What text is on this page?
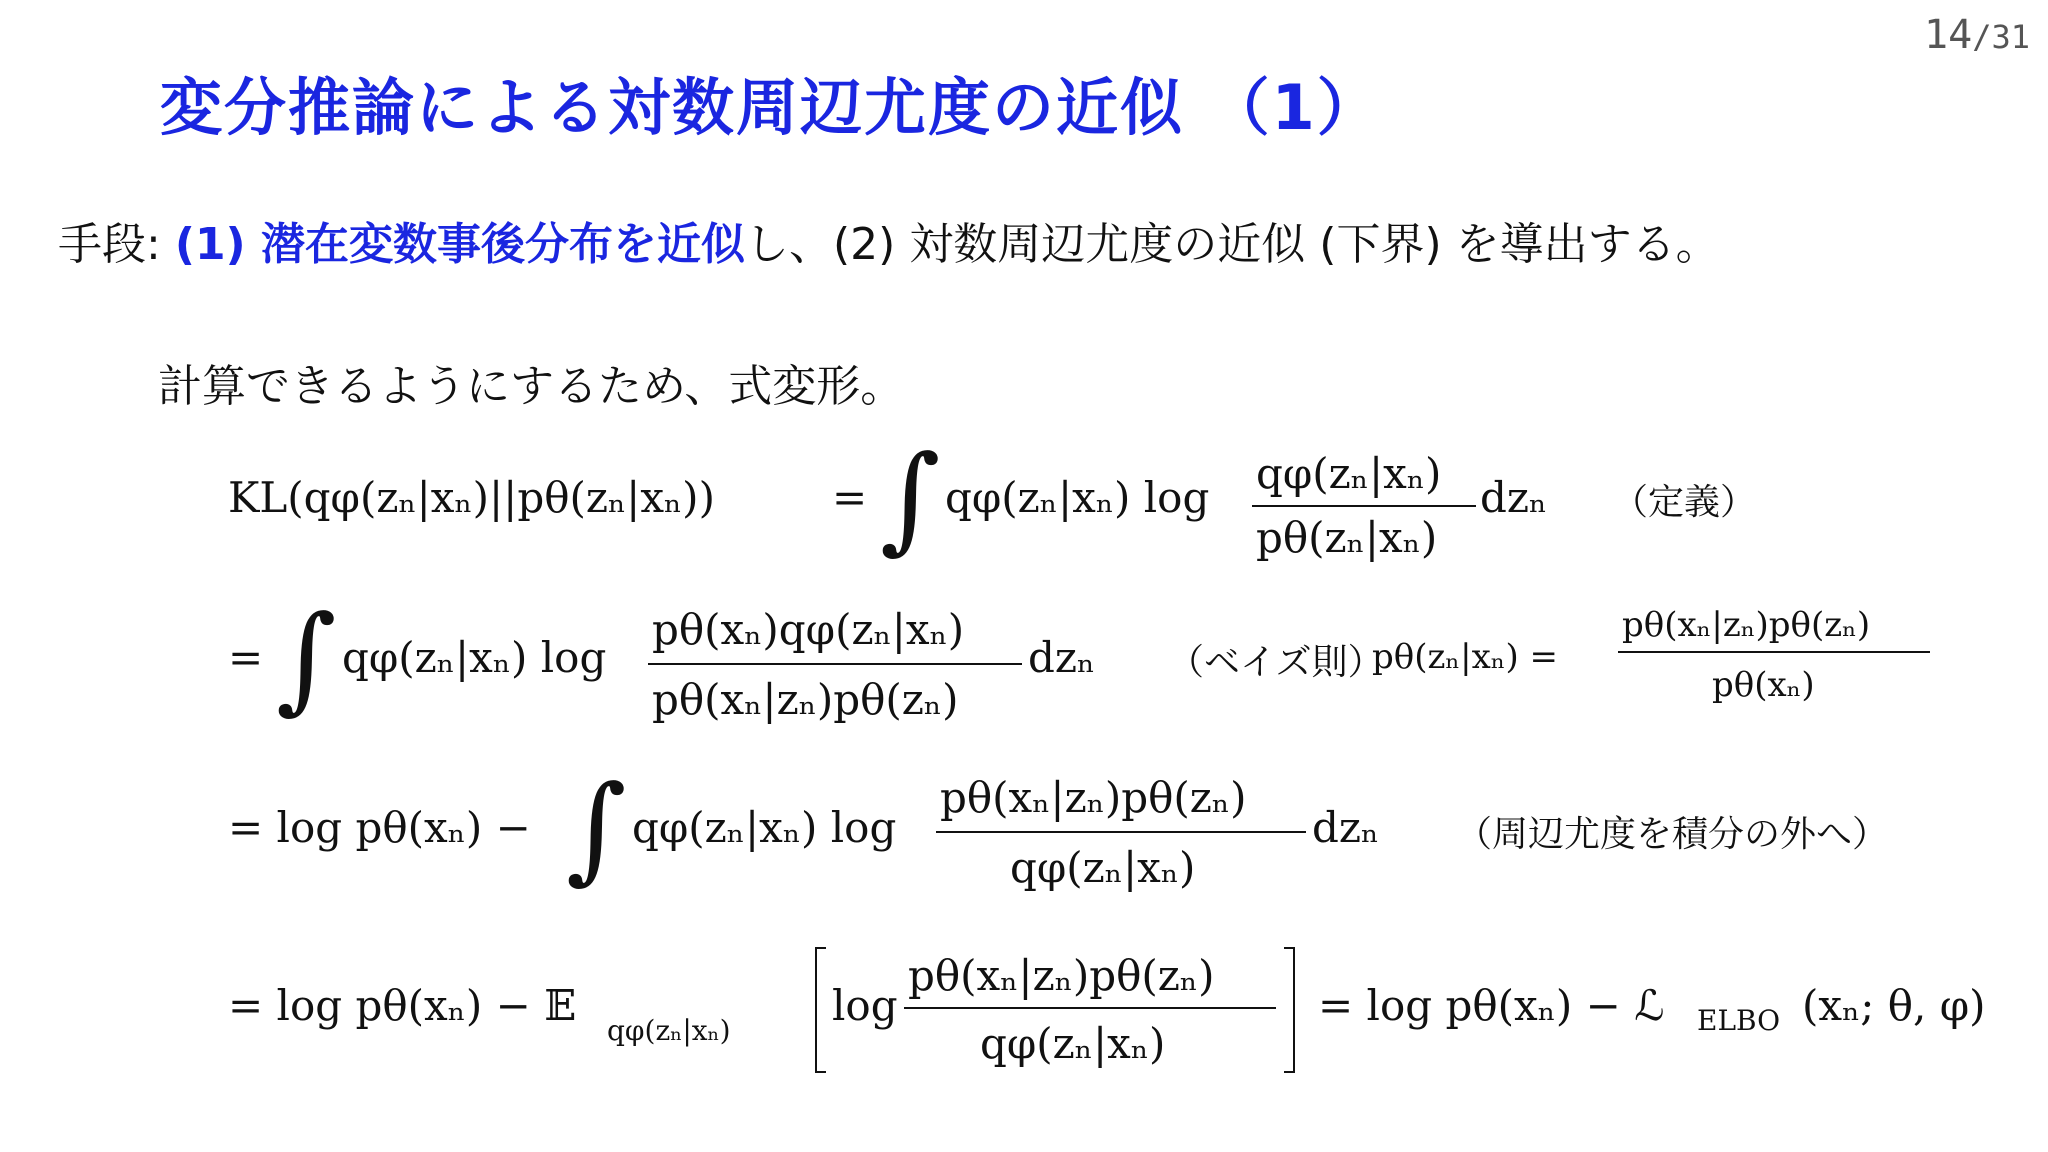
14/31
変分推論による対数周辺尤度の近似 （1）
手段: (1) 潜在変数事後分布を近似し、(2) 対数周辺尤度の近似 (下界) を導出する。
計算できるようにするため、式変形。
KL(qφ(zₙ|xₙ)||pθ(zₙ|xₙ))	= ∫ qφ(zₙ|xₙ) log qφ(zₙ|xₙ)
pθ(zₙ|xₙ)
dzₙ （定義）
= ∫ qφ(zₙ|xₙ) log
pθ(xₙ)qφ(zₙ|xₙ)
pθ(xₙ|zₙ)pθ(zₙ)
dzₙ （ベイズ則）
pθ(zₙ|xₙ) =
pθ(xₙ|zₙ)pθ(zₙ)
pθ(xₙ)
= log pθ(xₙ) − ∫ qφ(zₙ|xₙ) log
pθ(xₙ|zₙ)pθ(zₙ)
qφ(zₙ|xₙ)
dzₙ （周辺尤度を積分の外へ）
= log pθ(xₙ) − 𝔼
qφ(zₙ|xₙ)
log
pθ(xₙ|zₙ)pθ(zₙ)
qφ(zₙ|xₙ)
= log pθ(xₙ) − ℒ ELBO (xₙ; θ, φ)
